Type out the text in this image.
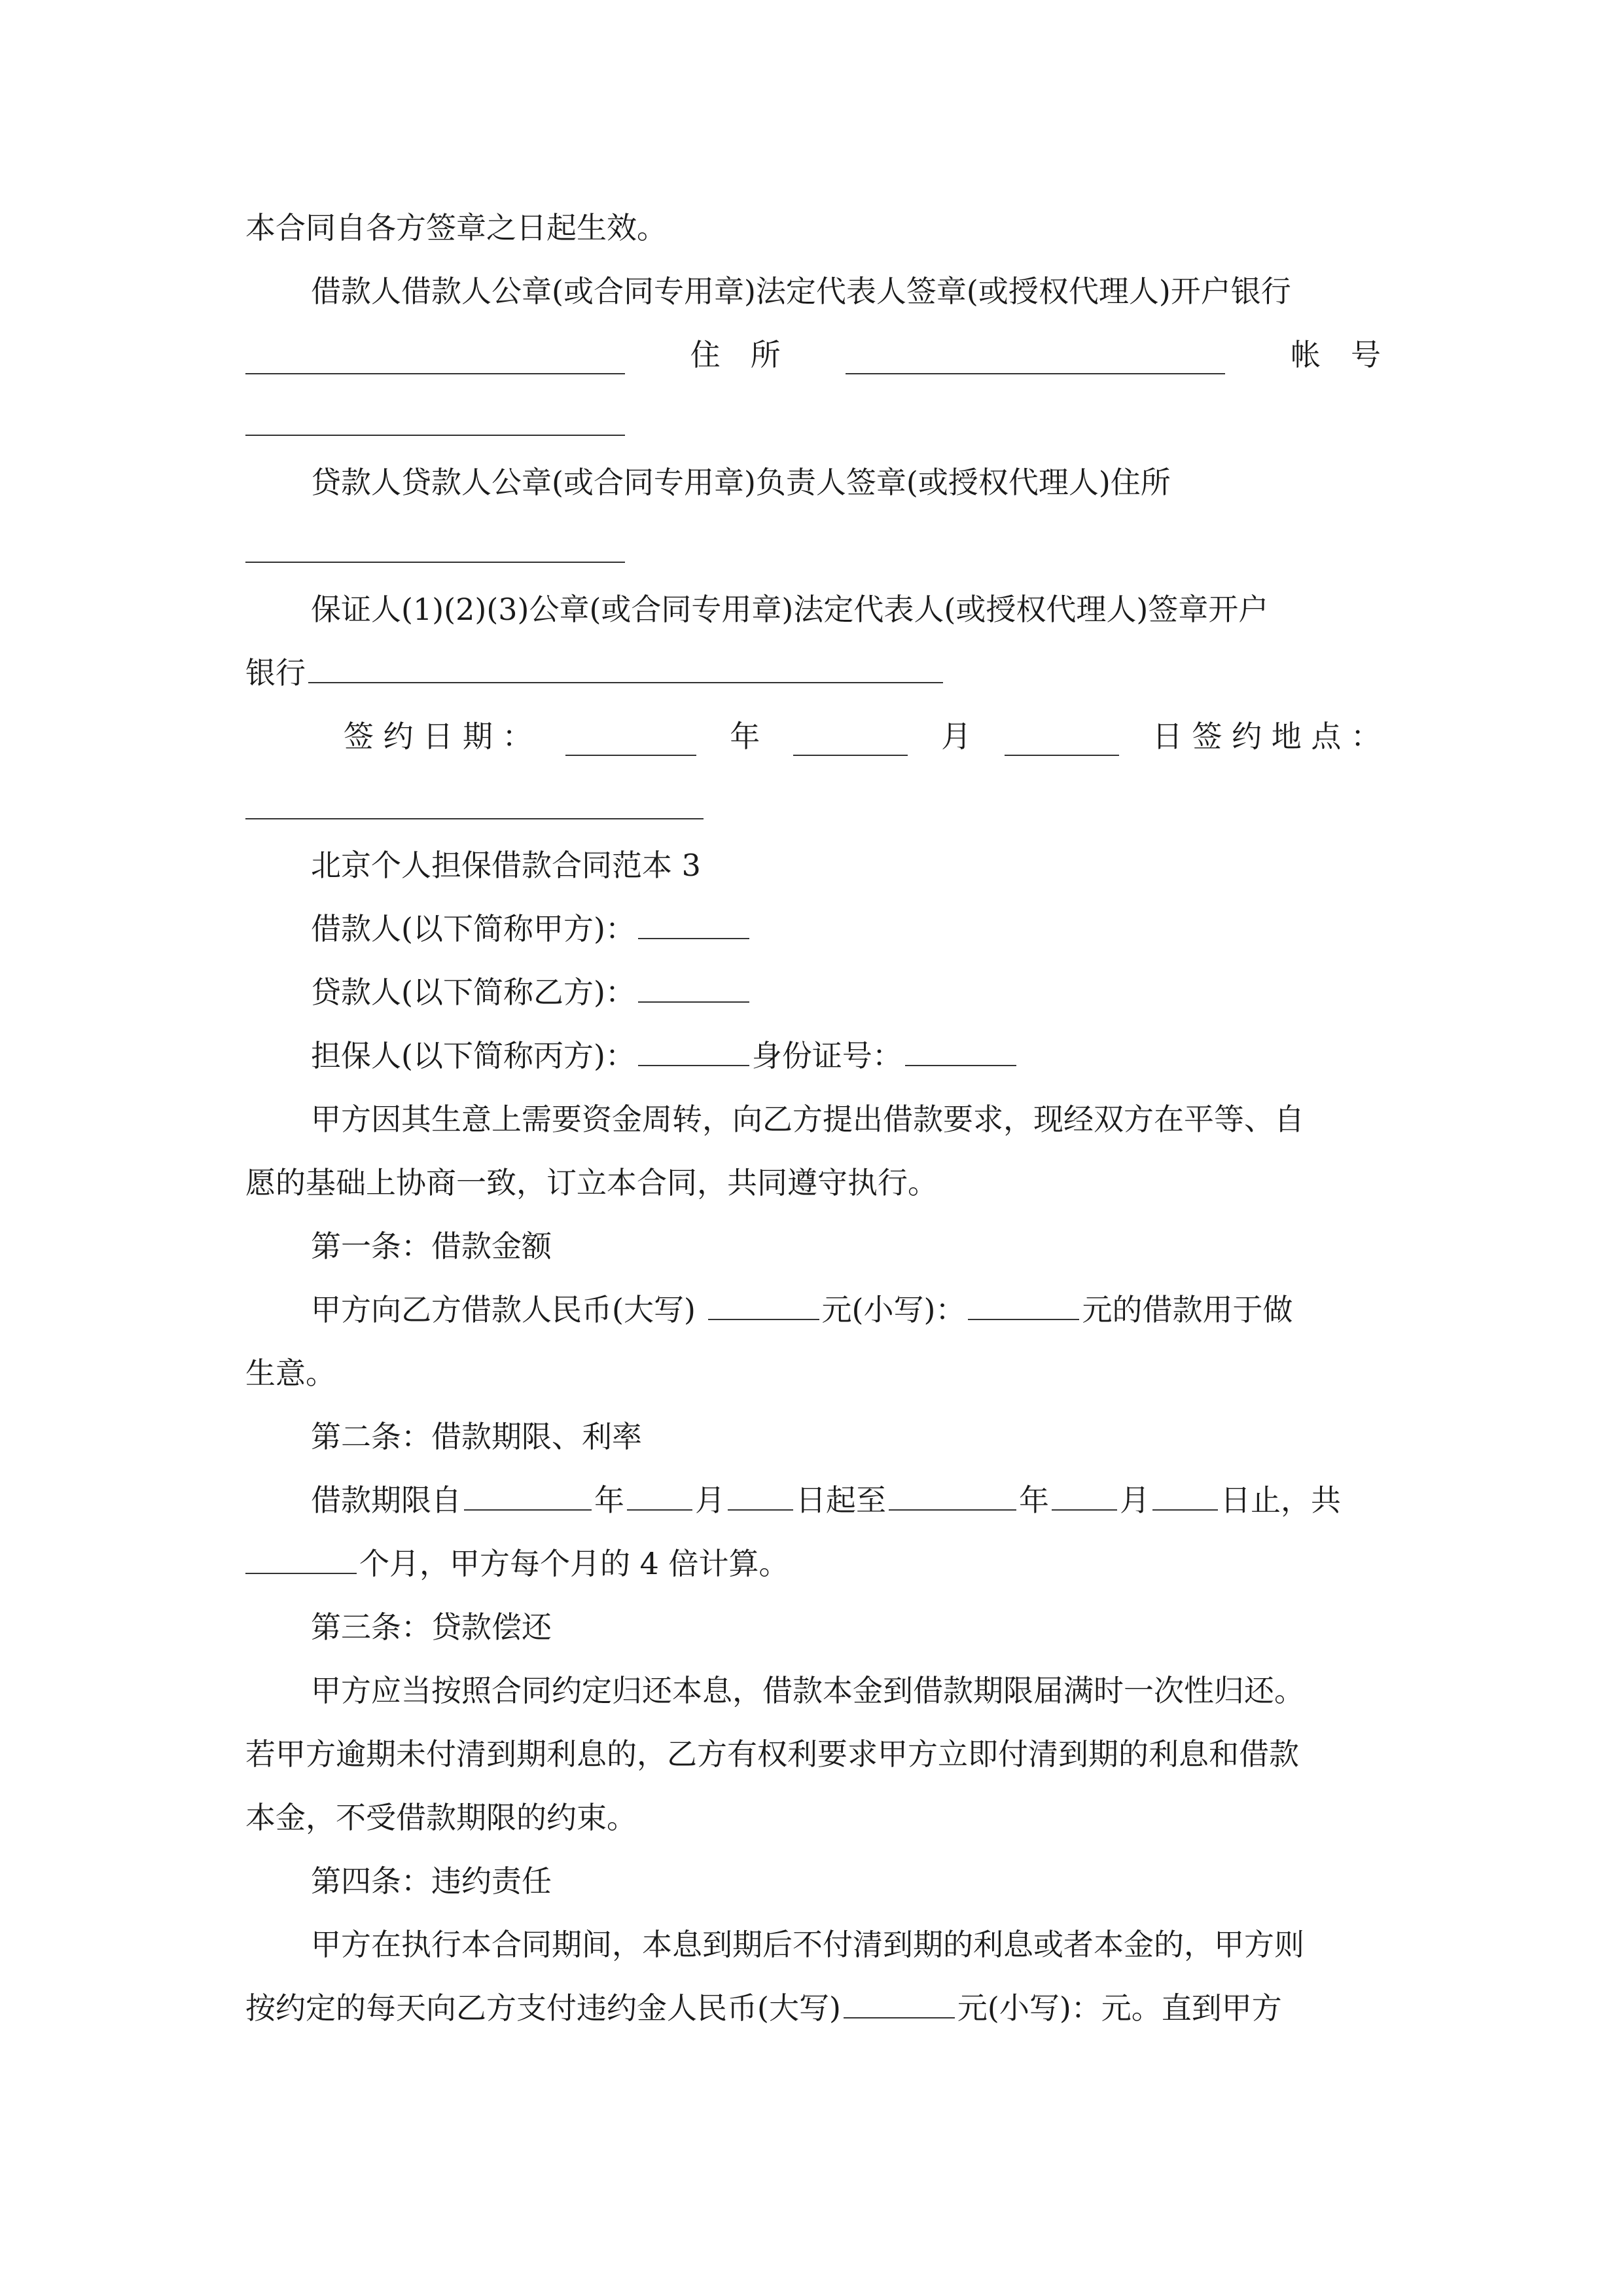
本合同自各方签章之日起生效。
借款人借款人公章(或合同专用章)法定代表人签章(或授权代理人)开户银行
住　所	帐　号
贷款人贷款人公章(或合同专用章)负责人签章(或授权代理人)住所
保证人(1)(2)(3)公章(或合同专用章)法定代表人(或授权代理人)签章开户
银行
签 约 日 期 ：	年	月	日 签 约 地 点 ：
北京个人担保借款合同范本 3
借款人(以下简称甲方)：
贷款人(以下简称乙方)：
担保人(以下简称丙方)：	身份证号：
甲方因其生意上需要资金周转，向乙方提出借款要求，现经双方在平等、自
愿的基础上协商一致，订立本合同，共同遵守执行。
第一条：借款金额
甲方向乙方借款人民币(大写)	元(小写)：	元的借款用于做
生意。
第二条：借款期限、利率
借款期限自	年 月 日起至	年 月 日止，共
个月，甲方每个月的 4 倍计算。
第三条：贷款偿还
甲方应当按照合同约定归还本息，借款本金到借款期限届满时一次性归还。
若甲方逾期未付清到期利息的，乙方有权利要求甲方立即付清到期的利息和借款
本金，不受借款期限的约束。
第四条：违约责任
甲方在执行本合同期间，本息到期后不付清到期的利息或者本金的，甲方则
按约定的每天向乙方支付违约金人民币(大写)	元(小写)：元。直到甲方
